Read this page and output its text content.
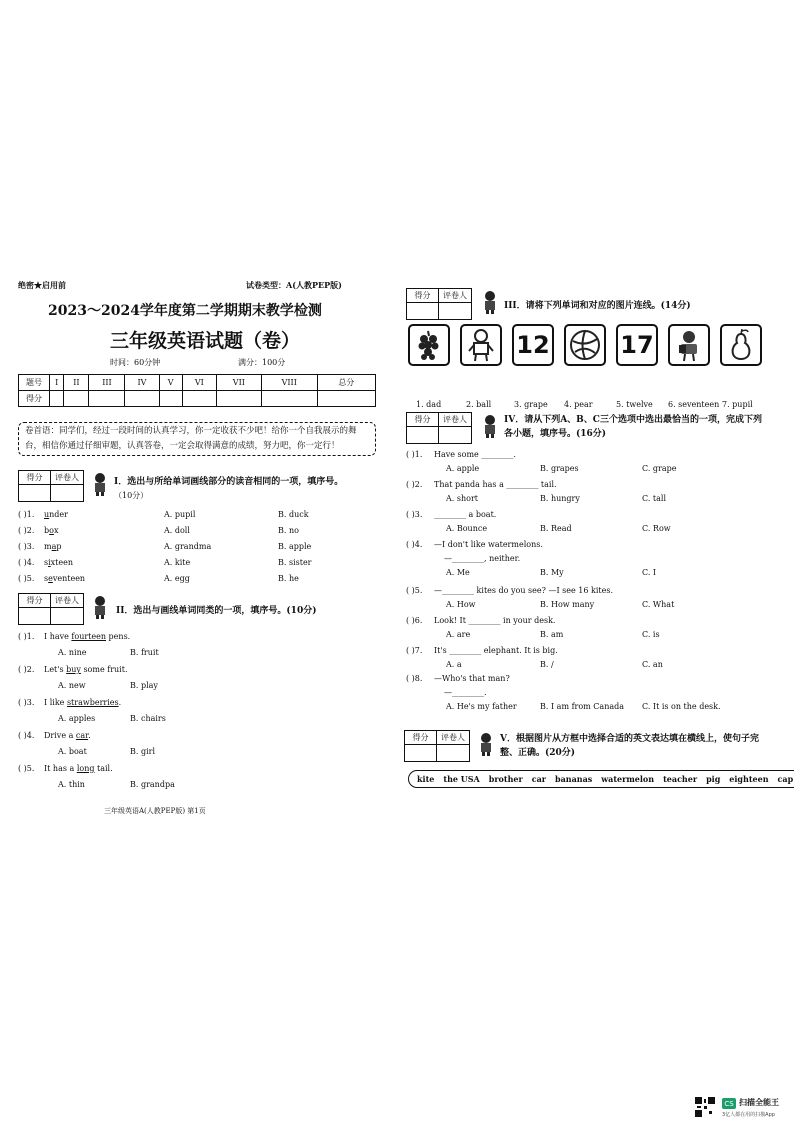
绝密★启用前	试卷类型：A(人教PEP版)
2023～2024学年度第二学期期末教学检测
三年级英语试题（卷）
时间：60分钟	满分：100分
题号	I	II	III	IV	V	VI	VII	VIII	总分
得分									
卷首语：同学们，经过一段时间的认真学习，你一定收获不少吧！给你一个自我展示的舞台，相信你通过仔细审题，认真答卷，一定会取得满意的成绩，努力吧，你一定行！
得分	评卷人	I．选出与所给单词画线部分的读音相同的一项，填序号。
（10分）
得分	评卷人
II．选出与画线单词同类的一项，填序号。(10分)
三年级英语A(人教PEP版) 第1页
( )1. under	A. pupil	B. duck
( )2. box	A. doll	B. no
( )3. map	A. grandma	B. apple
( )4. sixteen	A. kite	B. sister
( )5. seventeen	A. egg	B. he
( )1. I have fourteen pens.
A. nine	B. fruit
( )2. Let's buy some fruit.
A. new	B. play
( )3. I like strawberries.
A. apples	B. chairs
( )4. Drive a car.
A. boat	B. girl
( )5. It has a long tail.
A. thin	B. grandpa
得分	评卷人
III．请将下列单词和对应的图片连线。(14分)
12	17
得分	评卷人	IV．请从下列A、B、C三个选项中选出最恰当的一项，完成下列各小题，填序号。(16分)
得分	评卷人	V．根据图片从方框中选择合适的英文表达填在横线上，使句子完整、正确。(20分)
kite the USA brother car bananas watermelon teacher pig eighteen cap
1. dad	2. ball	3. grape 4. pear	5. twelve 6. seventeen 7. pupil
( )1. Have some ________.
A. apple	B. grapes	C. grape
( )2. That panda has a ________ tail.
A. short	B. hungry	C. tall
( )3. ________ a boat.
A. Bounce	B. Read	C. Row
( )4. —I don't like watermelons.
—________, neither.
A. Me	B. My	C. I
( )5. —________ kites do you see? —I see 16 kites.
A. How	B. How many	C. What
( )6. Look! It ________ in your desk.
A. are	B. am	C. is
( )7. It's ________ elephant. It is big.
A. a	B. /	C. an
( )8. —Who's that man?
—________.
A. He's my father	B. I am from Canada C. It is on the desk.
CS 扫描全能王
3亿人都在用的扫描App
